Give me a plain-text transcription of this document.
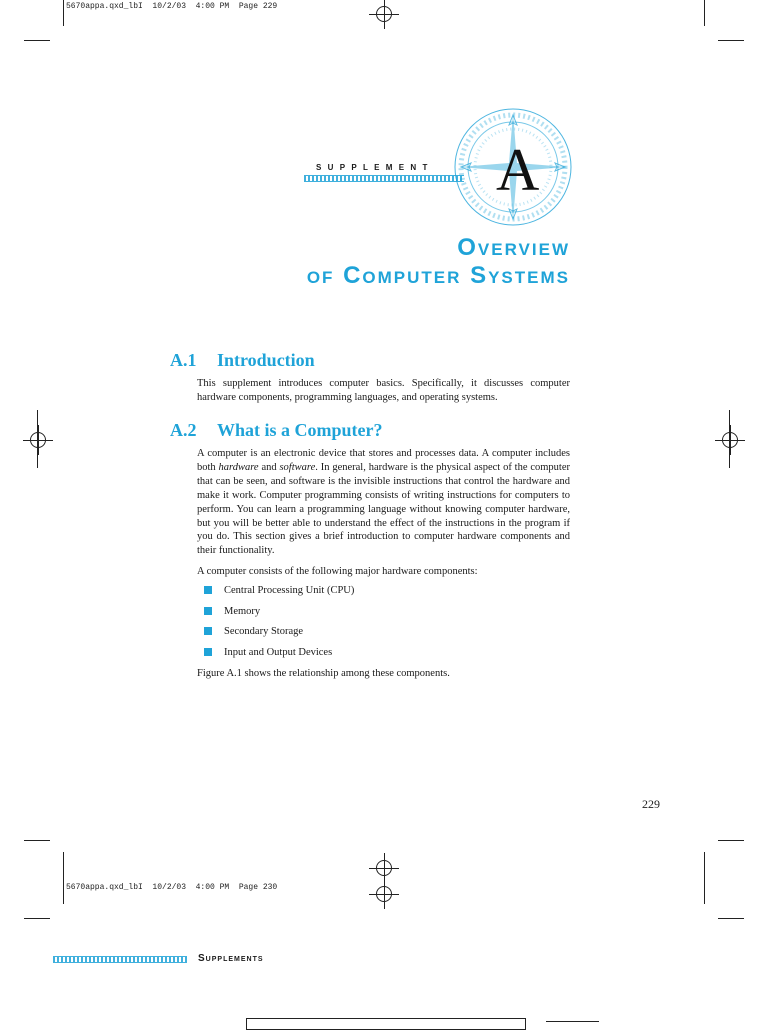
5670appa.qxd_lbI  10/2/03  4:00 PM  Page 229
SUPPLEMENT A
Overview
of Computer Systems
A.1 Introduction
This supplement introduces computer basics. Specifically, it discusses computer hardware components, programming languages, and operating systems.
A.2 What is a Computer?
A computer is an electronic device that stores and processes data. A computer includes both hardware and software. In general, hardware is the physical aspect of the computer that can be seen, and software is the invisible instructions that control the hardware and make it work. Computer programming consists of writing instructions for computers to perform. You can learn a programming language without knowing computer hardware, but you will be better able to understand the effect of the instructions in the program if you do. This section gives a brief introduction to computer hardware components and their functionality.
A computer consists of the following major hardware components:
Central Processing Unit (CPU)
Memory
Secondary Storage
Input and Output Devices
Figure A.1 shows the relationship among these components.
229
5670appa.qxd_lbI  10/2/03  4:00 PM  Page 230
Supplements
